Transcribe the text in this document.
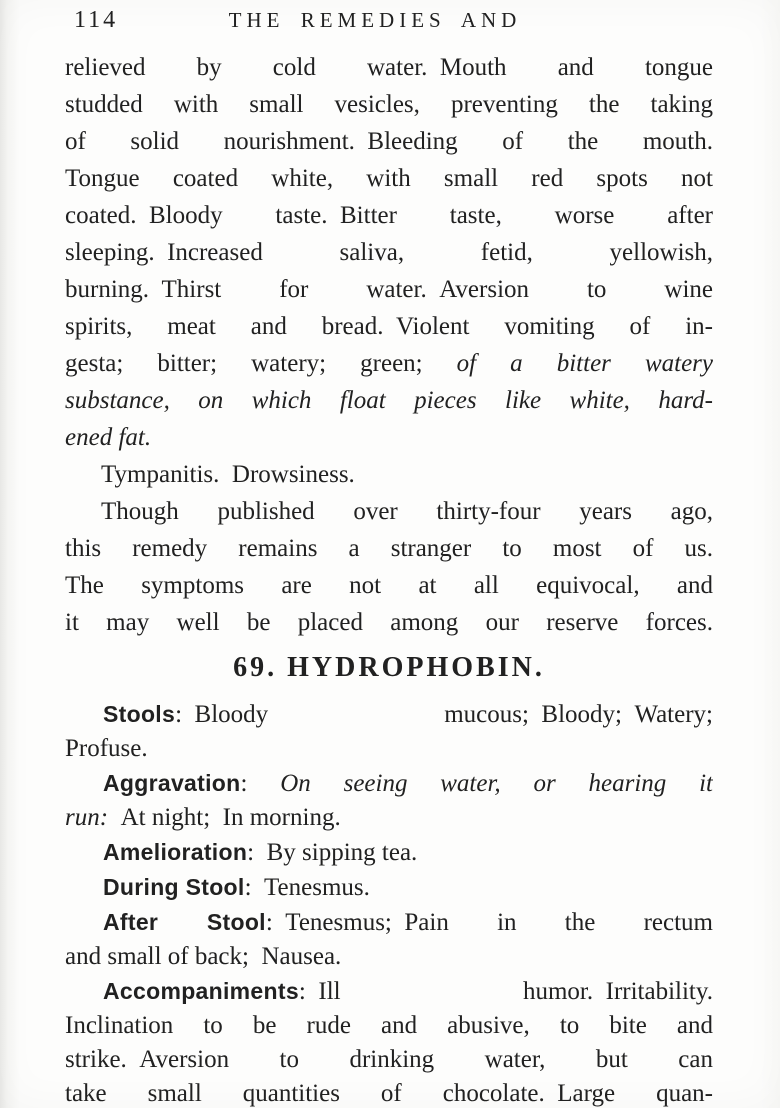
114	THE REMEDIES AND
relieved by cold water. Mouth and tongue
studded with small vesicles, preventing the taking
of solid nourishment. Bleeding of the mouth.
Tongue coated white, with small red spots not
coated. Bloody taste. Bitter taste, worse after
sleeping. Increased saliva, fetid, yellowish,
burning. Thirst for water. Aversion to wine
spirits, meat and bread. Violent vomiting of in-
gesta; bitter; watery; green; of a bitter watery
substance, on which float pieces like white, hard-
ened fat.
Tympanitis. Drowsiness.
Though published over thirty-four years ago,
this remedy remains a stranger to most of us.
The symptoms are not at all equivocal, and
it may well be placed among our reserve forces.
69. HYDROPHOBIN.
Stools: Bloody mucous; Bloody; Watery;
Profuse.
Aggravation: On seeing water, or hearing it
run: At night; In morning.
Amelioration: By sipping tea.
During Stool: Tenesmus.
After Stool: Tenesmus; Pain in the rectum
and small of back; Nausea.
Accompaniments: Ill humor. Irritability.
Inclination to be rude and abusive, to bite and
strike. Aversion to drinking water, but can
take small quantities of chocolate. Large quan-
